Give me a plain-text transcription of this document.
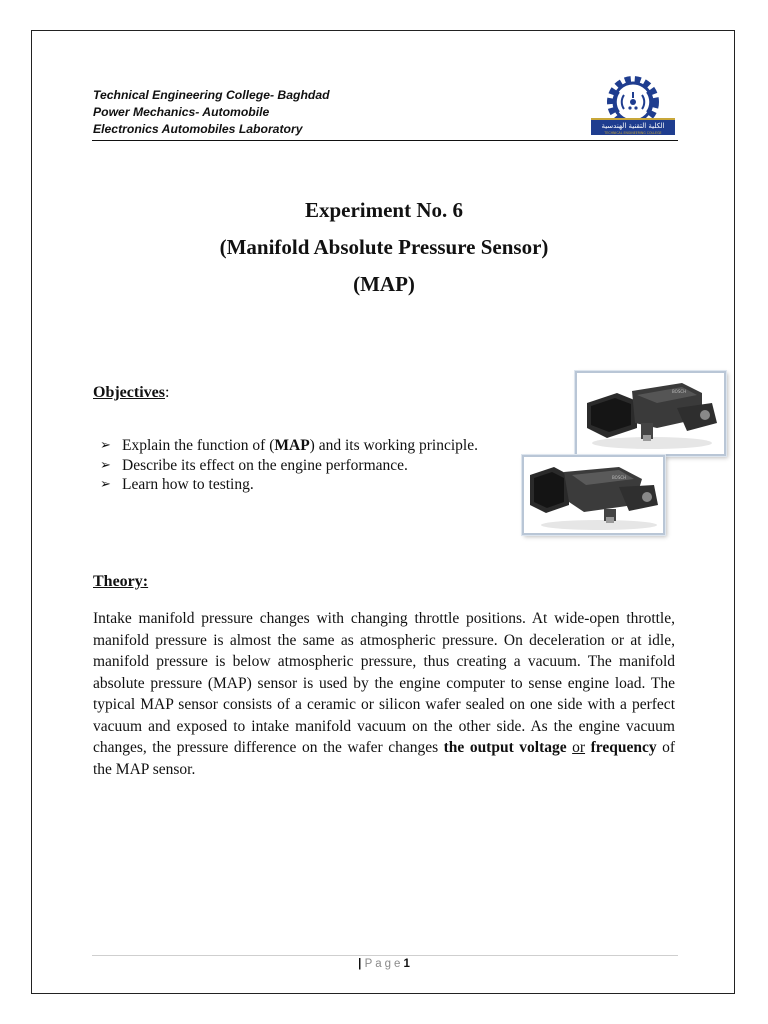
Technical Engineering College- Baghdad
Power Mechanics- Automobile
Electronics Automobiles Laboratory	الكلية التقنية الهندسية
TECHNICAL ENGINEERING COLLEGE
Experiment No. 6
(Manifold Absolute Pressure Sensor)
(MAP)
Objectives:
➢ Explain the function of (MAP) and its working principle.
➢ Describe its effect on the engine performance.
➢ Learn how to testing.
BOSCH
BOSCH
Theory:
Intake manifold pressure changes with changing throttle positions. At wide-open throttle, manifold pressure is almost the same as atmospheric pressure. On deceleration or at idle, manifold pressure is below atmospheric pressure, thus creating a vacuum. The manifold absolute pressure (MAP) sensor is used by the engine computer to sense engine load. The typical MAP sensor consists of a ceramic or silicon wafer sealed on one side with a perfect vacuum and exposed to intake manifold vacuum on the other side. As the engine vacuum changes, the pressure difference on the wafer changes the output voltage or frequency of the MAP sensor.
| Page1
